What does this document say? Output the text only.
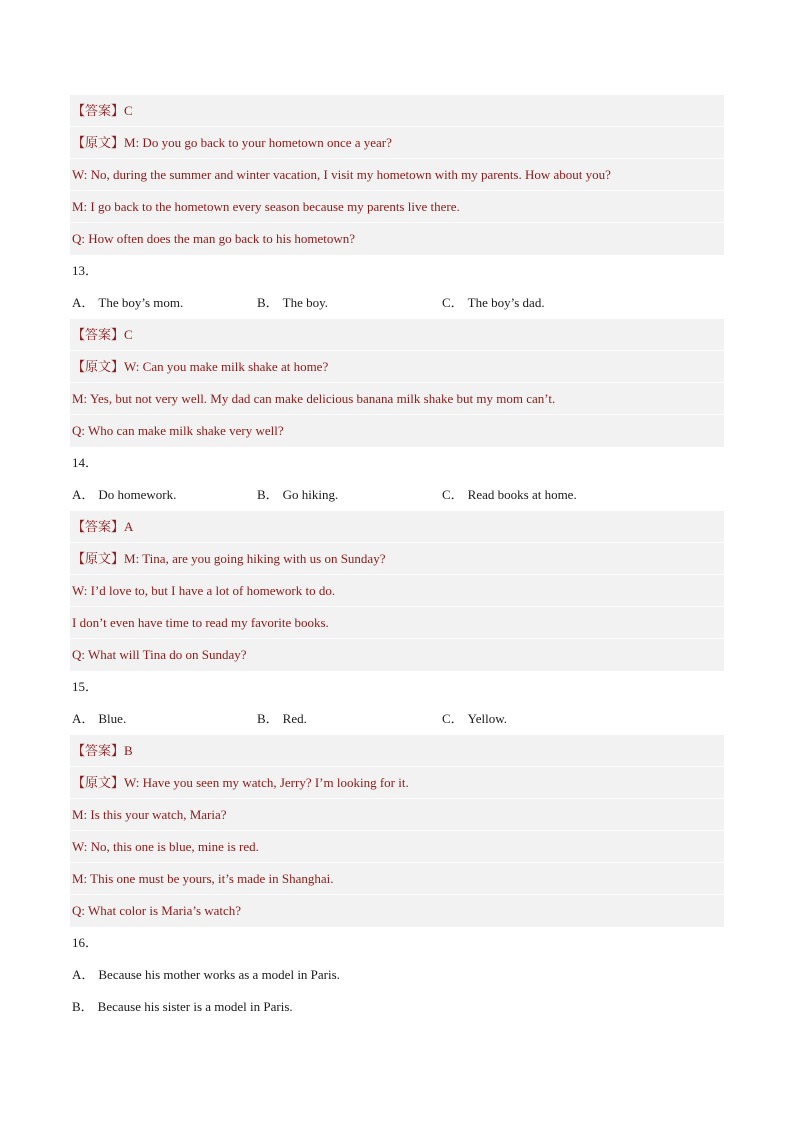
【答案】C
【原文】M: Do you go back to your hometown once a year?
W: No, during the summer and winter vacation, I visit my hometown with my parents. How about you?
M: I go back to the hometown every season because my parents live there.
Q: How often does the man go back to his hometown?
13．
A． The boy’s mom.	B． The boy.	C． The boy’s dad.
【答案】C
【原文】W: Can you make milk shake at home?
M: Yes, but not very well. My dad can make delicious banana milk shake but my mom can’t.
Q: Who can make milk shake very well?
14．
A． Do homework.	B． Go hiking.	C． Read books at home.
【答案】A
【原文】M: Tina, are you going hiking with us on Sunday?
W: I’d love to, but I have a lot of homework to do.
I don’t even have time to read my favorite books.
Q: What will Tina do on Sunday?
15．
A． Blue.	B． Red.	C． Yellow.
【答案】B
【原文】W: Have you seen my watch, Jerry? I’m looking for it.
M: Is this your watch, Maria?
W: No, this one is blue, mine is red.
M: This one must be yours, it’s made in Shanghai.
Q: What color is Maria’s watch?
16．
A． Because his mother works as a model in Paris.
B． Because his sister is a model in Paris.
